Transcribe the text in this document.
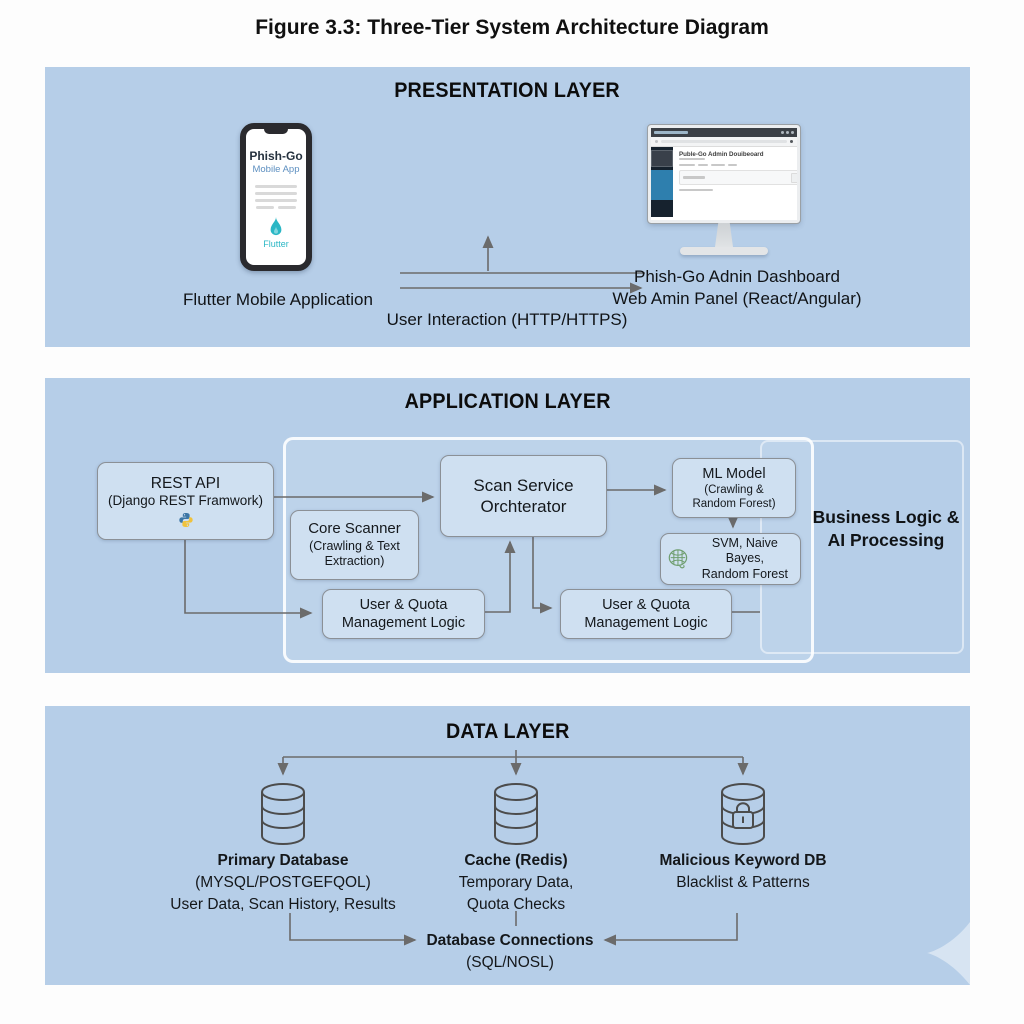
Figure 3.3: Three-Tier System Architecture Diagram
PRESENTATION LAYER
Phish-Go
Mobile App
Flutter
Flutter Mobile Application
User Interaction (HTTP/HTTPS)
Puble-Go Admin Douibeoard
Phish-Go Adnin Dashboard
Web Amin Panel (React/Angular)
APPLICATION LAYER
REST API
(Django REST Framwork)
Core Scanner
(Crawling & Text
Extraction)
Scan Service
Orchterator
ML Model
(Crawling &
Random Forest)
SVM, Naive Bayes,
Random Forest
User & Quota
Management Logic
User & Quota
Management Logic
Business Logic &
AI Processing
DATA LAYER
Primary Database
(MYSQL/POSTGEFQOL)
User Data, Scan History, Results
Cache (Redis)
Temporary Data,
Quota Checks
Malicious Keyword DB
Blacklist & Patterns
Database Connections
(SQL/NOSL)
